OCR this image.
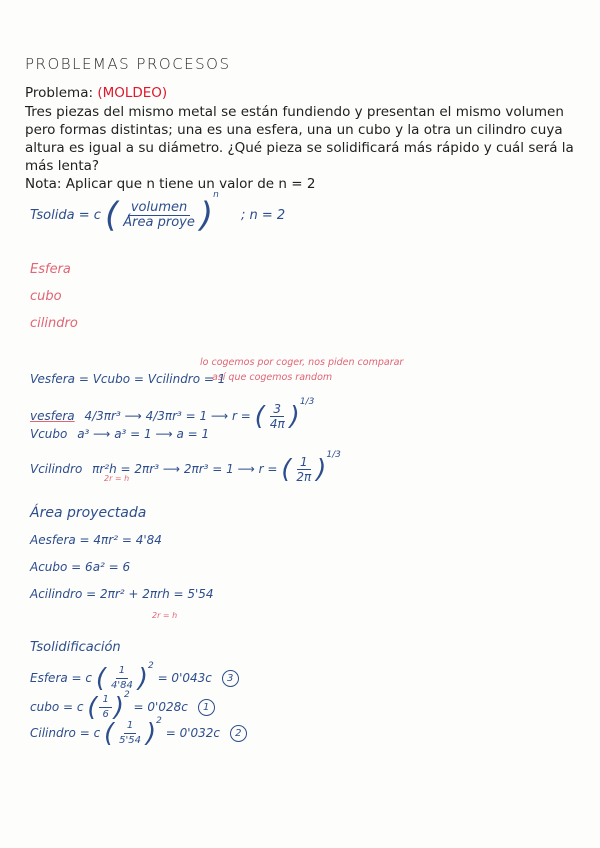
PROBLEMAS PROCESOS
Problema: (MOLDEO)
Tres piezas del mismo metal se están fundiendo y presentan el mismo volumen pero formas distintas; una es una esfera, una un cubo y la otra un cilindro cuya altura es igual a su diámetro. ¿Qué pieza se solidificará más rápido y cuál será la más lenta?
Nota: Aplicar que n tiene un valor de n = 2
Tsolida = c ( $\frac{\text{volumen}}{\text{Área proye}} )^n$ ; n = 2
Esfera
cubo
cilindro
lo cogemos por coger, nos piden comparar
así que cogemos random
Vesfera = Vcubo = Vcilindro = 1
vesfera 4/3πr³ ⟶ 4/3πr³ = 1 ⟶ r = ( $\frac{3}{4\pi} )^{1/3}$
Vcubo a³ ⟶ a³ = 1 ⟶ a = 1
Vcilindro πr²h = 2πr³ ⟶ 2πr³ = 1 ⟶ r = ( $\frac{1}{2\pi} )^{1/3}$
2r = h
Área proyectada
Aesfera = 4πr² = 4'84
Acubo = 6a² = 6
Acilindro = 2πr² + 2πrh = 5'54
2r = h
Tsolidificación
Esfera = c ( $\frac{1}{4'84} )^2 = 0'043c$ 3
cubo = c ( $\frac{1}{6} )^2 = 0'028c$ 1
Cilindro = c ( $\frac{1}{5'54} )^2 = 0'032c$ 2
